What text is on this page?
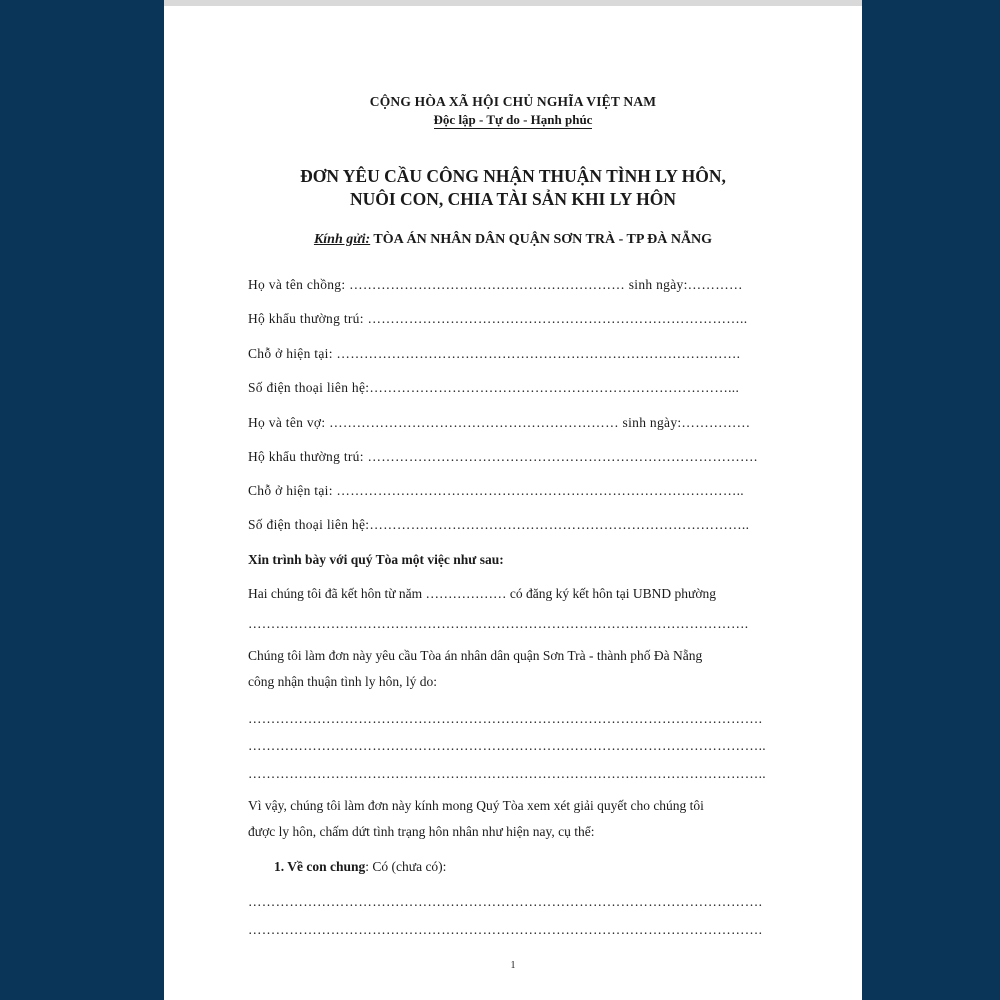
CỘNG HÒA XÃ HỘI CHỦ NGHĨA VIỆT NAM
Độc lập - Tự do - Hạnh phúc
ĐƠN YÊU CẦU CÔNG NHẬN THUẬN TÌNH LY HÔN,
NUÔI CON, CHIA TÀI SẢN KHI LY HÔN
Kính gửi: TÒA ÁN NHÂN DÂN QUẬN SƠN TRÀ - TP ĐÀ NẴNG
Họ và tên chồng: …………………………………………………… sinh ngày:…………
Hộ khẩu thường trú: ………………………………………………………………………..
Chỗ ở hiện tại: …………………………………………………………………………….
Số điện thoại liên hệ:……………………………………………………………………...
Họ và tên vợ: ……………………………………………………… sinh ngày:……………
Hộ khẩu thường trú: ………………………………………………………………………….
Chỗ ở hiện tại: ……………………………………………………………………………..
Số điện thoại liên hệ:………………………………………………………………………..
Xin trình bày với quý Tòa một việc như sau:
Hai chúng tôi đã kết hôn từ năm ……………… có đăng ký kết hôn tại UBND phường
……………………………………………………………………………………………….
Chúng tôi làm đơn này yêu cầu Tòa án nhân dân quận Sơn Trà - thành phố Đà Nẵng
công nhận thuận tình ly hôn, lý do:
………………………………………………………………………………………………….
…………………………………………………………………………………………………..
…………………………………………………………………………………………………..
Vì vậy, chúng tôi làm đơn này kính mong Quý Tòa xem xét giải quyết cho chúng tôi
được ly hôn, chấm dứt tình trạng hôn nhân như hiện nay, cụ thể:
1. Về con chung: Có (chưa có):
………………………………………………………………………………………………….
………………………………………………………………………………………………….
1
